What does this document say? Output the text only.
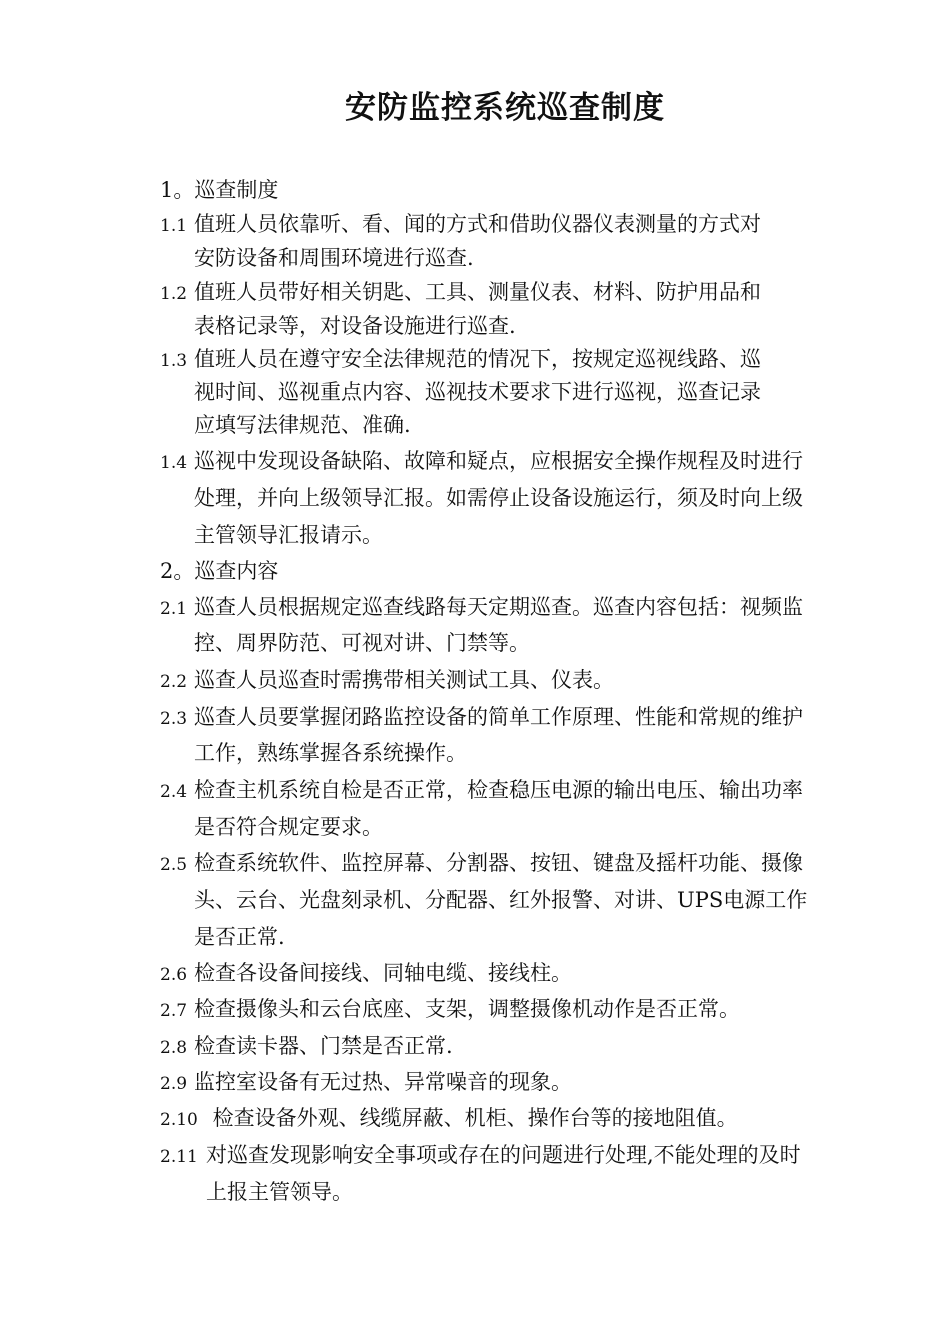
安防监控系统巡查制度
1。巡查制度
1.1 值班人员依靠听、看、闻的方式和借助仪器仪表测量的方式对
安防设备和周围环境进行巡查.
1.2 值班人员带好相关钥匙、工具、测量仪表、材料、防护用品和
表格记录等，对设备设施进行巡查.
1.3 值班人员在遵守安全法律规范的情况下，按规定巡视线路、巡
视时间、巡视重点内容、巡视技术要求下进行巡视，巡查记录
应填写法律规范、准确.
1.4 巡视中发现设备缺陷、故障和疑点，应根据安全操作规程及时进行
处理，并向上级领导汇报。如需停止设备设施运行，须及时向上级
主管领导汇报请示。
2。巡查内容
2.1 巡查人员根据规定巡查线路每天定期巡查。巡查内容包括：视频监
控、周界防范、可视对讲、门禁等。
2.2 巡查人员巡查时需携带相关测试工具、仪表。
2.3 巡查人员要掌握闭路监控设备的简单工作原理、性能和常规的维护
工作，熟练掌握各系统操作。
2.4 检查主机系统自检是否正常，检查稳压电源的输出电压、输出功率
是否符合规定要求。
2.5 检查系统软件、监控屏幕、分割器、按钮、键盘及摇杆功能、摄像
头、云台、光盘刻录机、分配器、红外报警、对讲、UPS电源工作
是否正常.
2.6 检查各设备间接线、同轴电缆、接线柱。
2.7 检查摄像头和云台底座、支架，调整摄像机动作是否正常。
2.8 检查读卡器、门禁是否正常.
2.9 监控室设备有无过热、异常噪音的现象。
2.10 检查设备外观、线缆屏蔽、机柜、操作台等的接地阻值。
2.11 对巡查发现影响安全事项或存在的问题进行处理,不能处理的及时
上报主管领导。
